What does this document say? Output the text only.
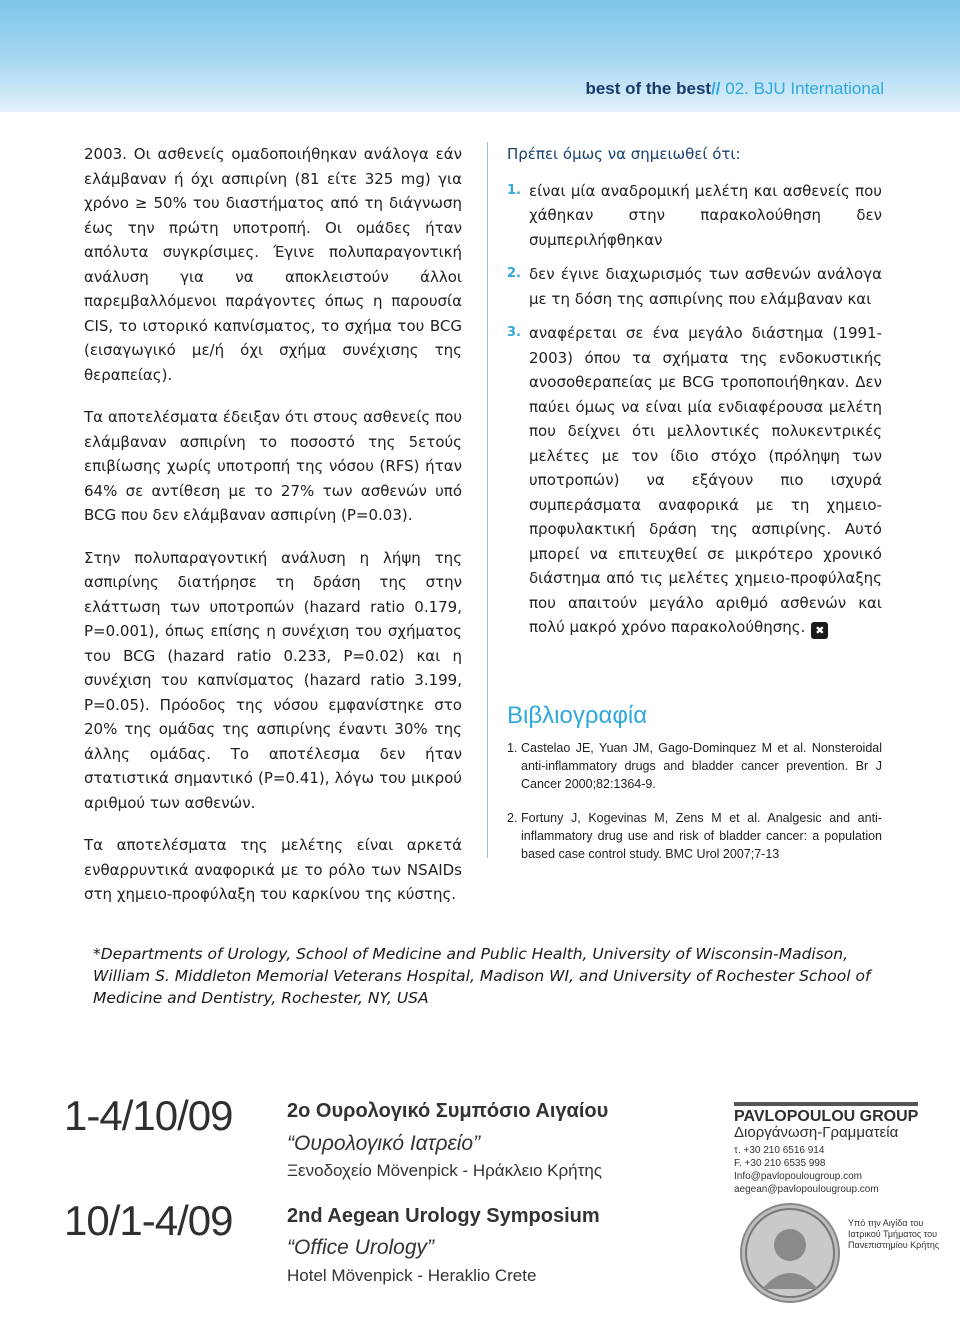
best of the best// 02. BJU International

2003. Οι ασθενείς ομαδοποιήθηκαν ανάλογα εάν ελάμβαναν ή όχι ασπιρίνη (81 είτε 325 mg) για χρόνο ≥ 50% του διαστήματος από τη διάγνωση έως την πρώτη υποτροπή. Οι ομάδες ήταν απόλυτα συγκρίσιμες. Έγινε πολυπαραγοντική ανάλυση για να αποκλειστούν άλλοι παρεμβαλλόμενοι παράγοντες όπως η παρουσία CIS, το ιστορικό καπνίσματος, το σχήμα του BCG (εισαγωγικό με/ή όχι σχήμα συνέχισης της θεραπείας).

Τα αποτελέσματα έδειξαν ότι στους ασθενείς που ελάμβαναν ασπιρίνη το ποσοστό της 5ετούς επιβίωσης χωρίς υποτροπή της νόσου (RFS) ήταν 64% σε αντίθεση με το 27% των ασθενών υπό BCG που δεν ελάμβαναν ασπιρίνη (P=0.03).

Στην πολυπαραγοντική ανάλυση η λήψη της ασπιρίνης διατήρησε τη δράση της στην ελάττωση των υποτροπών (hazard ratio 0.179, P=0.001), όπως επίσης η συνέχιση του σχήματος του BCG (hazard ratio 0.233, P=0.02) και η συνέχιση του καπνίσματος (hazard ratio 3.199, P=0.05). Πρόοδος της νόσου εμφανίστηκε στο 20% της ομάδας της ασπιρίνης έναντι 30% της άλλης ομάδας. Το αποτέλεσμα δεν ήταν στατιστικά σημαντικό (P=0.41), λόγω του μικρού αριθμού των ασθενών.

Τα αποτελέσματα της μελέτης είναι αρκετά ενθαρρυντικά αναφορικά με το ρόλο των NSAIDs στη χημειο-προφύλαξη του καρκίνου της κύστης.

Πρέπει όμως να σημειωθεί ότι:

1. είναι μία αναδρομική μελέτη και ασθενείς που χάθηκαν στην παρακολούθηση δεν συμπεριλήφθηκαν
2. δεν έγινε διαχωρισμός των ασθενών ανάλογα με τη δόση της ασπιρίνης που ελάμβαναν και
3. αναφέρεται σε ένα μεγάλο διάστημα (1991-2003) όπου τα σχήματα της ενδοκυστικής ανοσοθεραπείας με BCG τροποποιήθηκαν. Δεν παύει όμως να είναι μία ενδιαφέρουσα μελέτη που δείχνει ότι μελλοντικές πολυκεντρικές μελέτες με τον ίδιο στόχο (πρόληψη των υποτροπών) να εξάγουν πιο ισχυρά συμπεράσματα αναφορικά με τη χημειο-προφυλακτική δράση της ασπιρίνης. Αυτό μπορεί να επιτευχθεί σε μικρότερο χρονικό διάστημα από τις μελέτες χημειο-προφύλαξης που απαιτούν μεγάλο αριθμό ασθενών και πολύ μακρό χρόνο παρακολούθησης. ✖
Βιβλιογραφία
1. Castelao JE, Yuan JM, Gago-Dominquez M et al. Nonsteroidal anti-inflammatory drugs and bladder cancer prevention. Br J Cancer 2000;82:1364-9.
2. Fortuny J, Kogevinas M, Zens M et al. Analgesic and anti-inflammatory drug use and risk of bladder cancer: a population based case control study. BMC Urol 2007;7-13
*Departments of Urology, School of Medicine and Public Health, University of Wisconsin-Madison, William S. Middleton Memorial Veterans Hospital, Madison WI, and University of Rochester School of Medicine and Dentistry, Rochester, NY, USA
1-4/10/09	2ο Ουρολογικό Συμπόσιο Αιγαίου
“Ουρολογικό Ιατρείο”
Ξενοδοχείο Mövenpick - Ηράκλειο Κρήτης
10/1-4/09	2nd Aegean Urology Symposium
“Office Urology”
Hotel Mövenpick - Heraklio Crete
PAVLOPOULOU GROUP
Διοργάνωση-Γραμματεία
τ. +30 210 6516 914
F. +30 210 6535 998
Info@pavlopoulougroup.com
aegean@pavlopoulougroup.com
Υπό την Αιγίδα του Ιατρικού Τμήματος του Πανεπιστημίου Κρήτης
